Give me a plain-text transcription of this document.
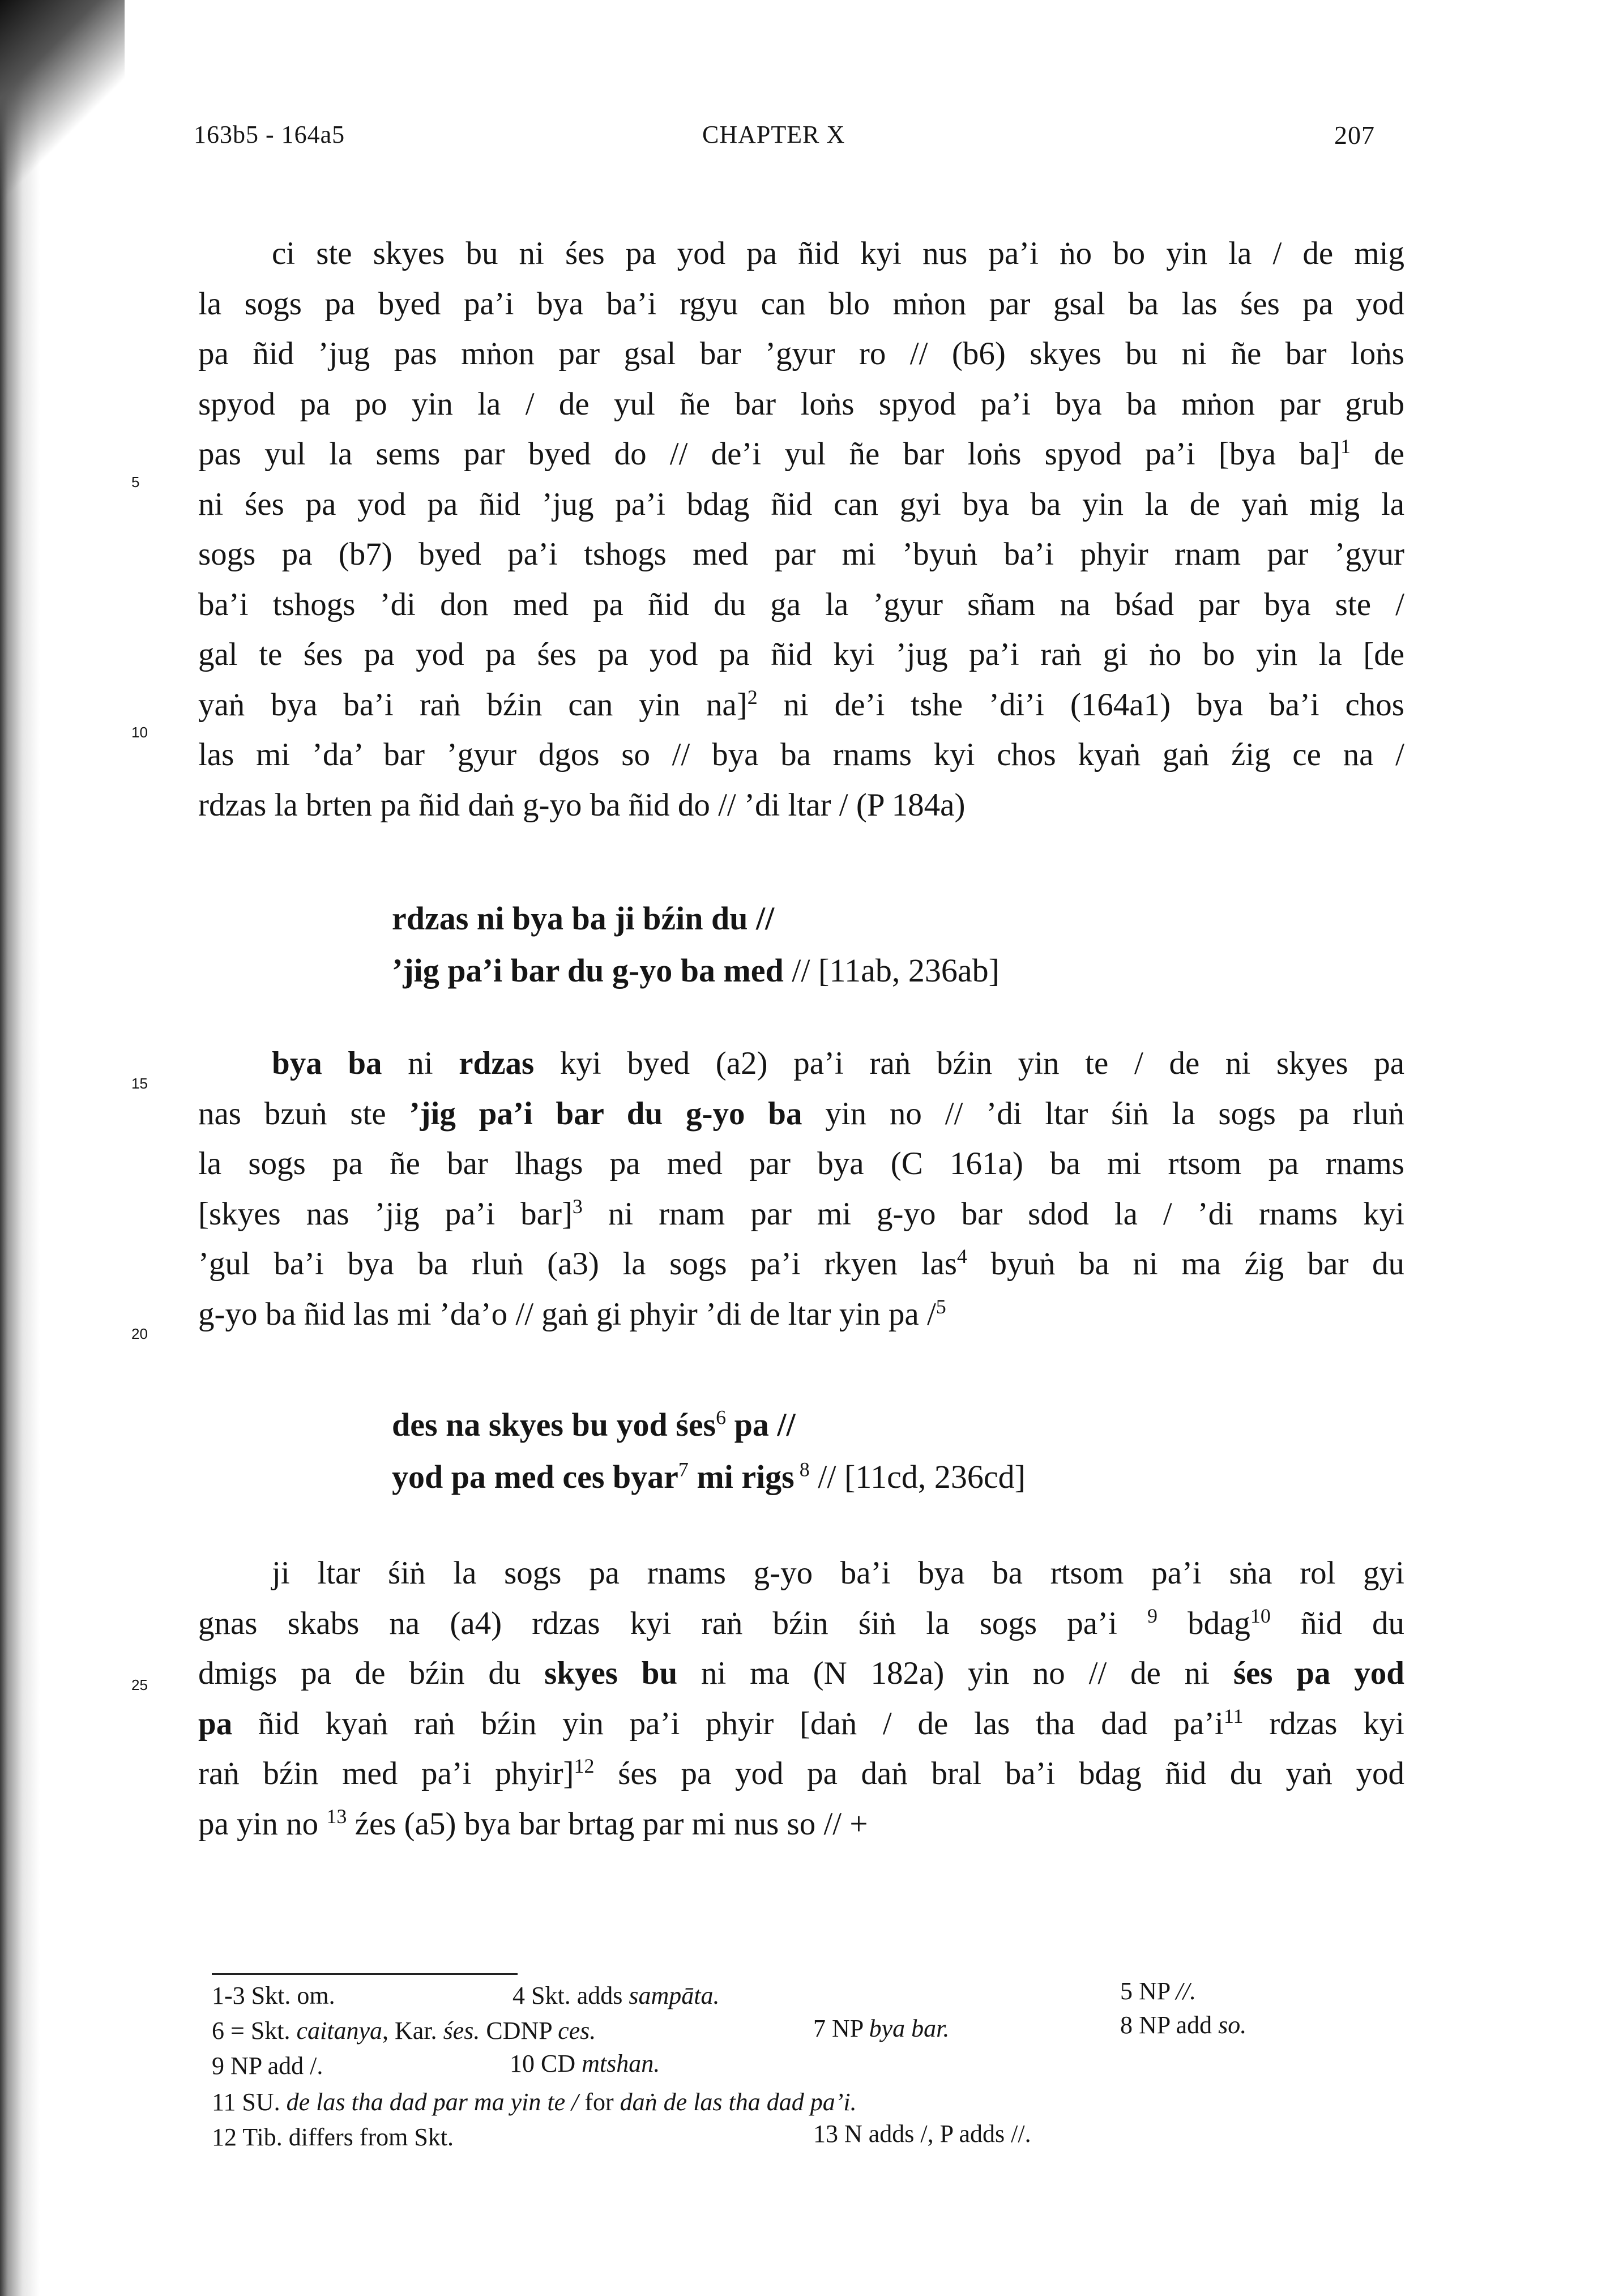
163b5 - 164a5	CHAPTER X	207
ci ste skyes bu ni śes pa yod pa ñid kyi nus pa’i ṅo bo yin la / de mig
la sogs pa byed pa’i bya ba’i rgyu can blo mṅon par gsal ba las śes pa yod
pa ñid ’jug pas mṅon par gsal bar ’gyur ro // (b6) skyes bu ni ñe bar loṅs
spyod pa po yin la / de yul ñe bar loṅs spyod pa’i bya ba mṅon par grub
pas yul la sems par byed do // de’i yul ñe bar loṅs spyod pa’i [bya ba]$^1$ de
ni śes pa yod pa ñid ’jug pa’i bdag ñid can gyi bya ba yin la de yaṅ mig la
sogs pa (b7) byed pa’i tshogs med par mi ’byuṅ ba’i phyir rnam par ’gyur
ba’i tshogs ’di don med pa ñid du ga la ’gyur sñam na bśad par bya ste /
gal te śes pa yod pa śes pa yod pa ñid kyi ’jug pa’i raṅ gi ṅo bo yin la [de
yaṅ bya ba’i raṅ bźin can yin na]$^2$ ni de’i tshe ’di’i (164a1) bya ba’i chos
las mi ’da’ bar ’gyur dgos so // bya ba rnams kyi chos kyaṅ gaṅ źig ce na /
rdzas la brten pa ñid daṅ g-yo ba ñid do // ’di ltar / (P 184a)
rdzas ni bya ba ji bźin du //
’jig pa’i bar du g-yo ba med // [11ab, 236ab]
bya ba ni rdzas kyi byed (a2) pa’i raṅ bźin yin te / de ni skyes pa
nas bzuṅ ste ’jig pa’i bar du g-yo ba yin no // ’di ltar śiṅ la sogs pa rluṅ
la sogs pa ñe bar lhags pa med par bya (C 161a) ba mi rtsom pa rnams
[skyes nas ’jig pa’i bar]$^3$ ni rnam par mi g-yo bar sdod la / ’di rnams kyi
’gul ba’i bya ba rluṅ (a3) la sogs pa’i rkyen las$^4$ byuṅ ba ni ma źig bar du
g-yo ba ñid las mi ’da’o // gaṅ gi phyir ’di de ltar yin pa /$^5$
des na skyes bu yod śes$^6$ pa //
yod pa med ces byar$^7$ mi rigs $^8$ // [11cd, 236cd]
ji ltar śiṅ la sogs pa rnams g-yo ba’i bya ba rtsom pa’i sṅa rol gyi
gnas skabs na (a4) rdzas kyi raṅ bźin śiṅ la sogs pa’i $^9$ bdag$^{10}$ ñid du
dmigs pa de bźin du skyes bu ni ma (N 182a) yin no // de ni śes pa yod
pa ñid kyaṅ raṅ bźin yin pa’i phyir [daṅ / de las tha dad $pa’i^{11}$ rdzas kyi
raṅ bźin med pa’i phyir]$^{12}$ śes pa yod pa daṅ bral ba’i bdag ñid du yaṅ yod
pa yin no $^{13}$ źes (a5) bya bar brtag par mi nus so // +
5
10
15
20
25
1-3 Skt. om.	4 Skt. adds sampāta.	5 NP //.
6 = Skt. caitanya, Kar. śes. CDNP ces.	7 NP bya bar.	8 NP add so.
9 NP add /.	10 CD mtshan.
11 SU. de las tha dad par ma yin te / for daṅ de las tha dad pa’i.
12 Tib. differs from Skt.	13 N adds /, P adds //.
